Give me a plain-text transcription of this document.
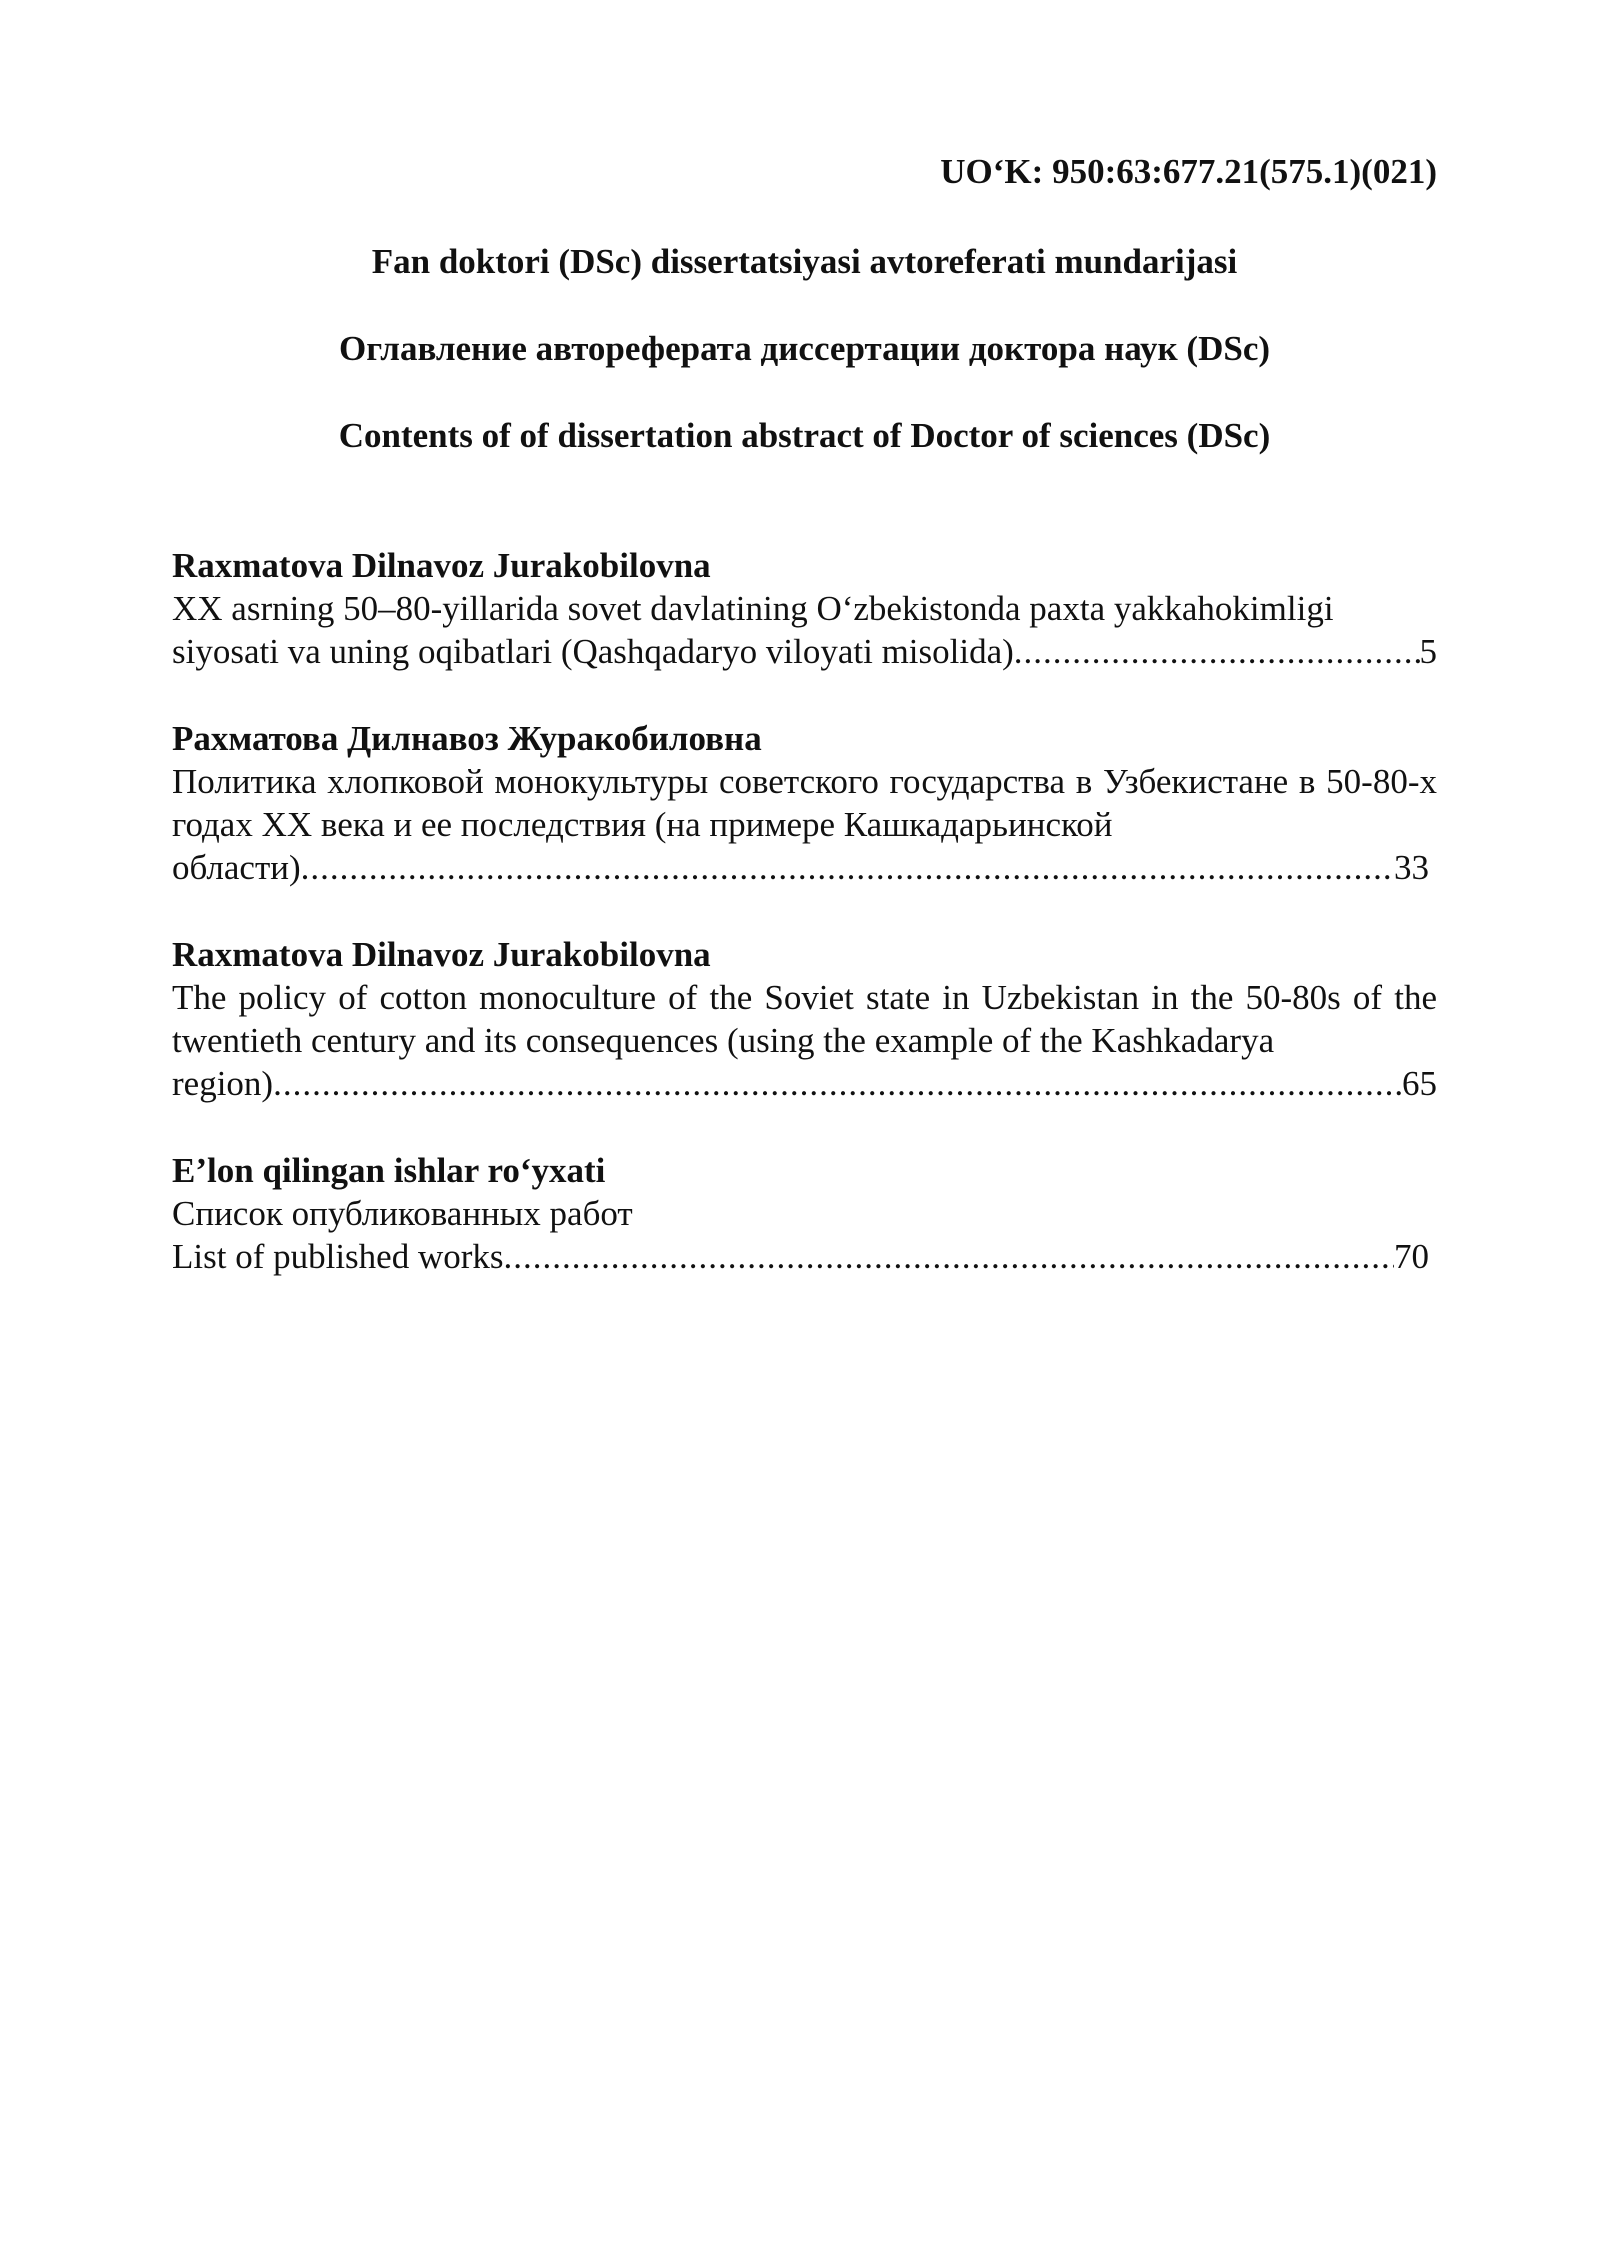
UO‘K: 950:63:677.21(575.1)(021)
Fan doktori (DSc) dissertatsiyasi avtoreferati mundarijasi
Оглавление автореферата диссертации доктора наук (DSc)
Contents of of dissertation abstract of Doctor of sciences (DSc)
Raxmatova Dilnavoz Jurakobilovna
XX asrning 50–80-yillarida sovet davlatining O‘zbekistonda paxta yakkahokimligi
siyosati va uning oqibatlari (Qashqadaryo viloyati misolida) .....	5
Рахматова Дилнавоз Журакобиловна
Политика хлопковой монокультуры советского государства в Узбекистане в 50-80-х годах XX века и ее последствия (на примере Кашкадарьинской
области) .....	33
Raxmatova Dilnavoz Jurakobilovna
The policy of cotton monoculture of the Soviet state in Uzbekistan in the 50-80s of the twentieth century and its consequences (using the example of the Kashkadarya
region) .....	65
E’lon qilingan ishlar ro‘yxati
Список опубликованных работ
List of published works .....	70
